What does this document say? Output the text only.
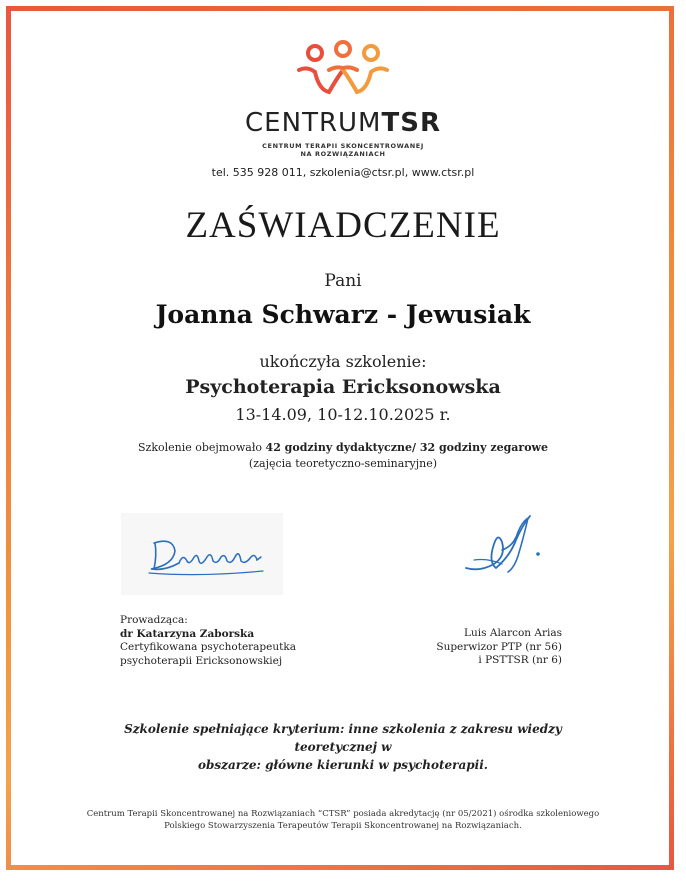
CENTRUMTSR
CENTRUM TERAPII SKONCENTROWANEJ
NA ROZWIĄZANIACH
tel. 535 928 011, szkolenia@ctsr.pl, www.ctsr.pl
ZAŚWIADCZENIE
Pani
Joanna Schwarz - Jewusiak
ukończyła szkolenie:
Psychoterapia Ericksonowska
13-14.09, 10-12.10.2025 r.
Szkolenie obejmowało 42 godziny dydaktyczne/ 32 godziny zegarowe
(zajęcia teoretyczno-seminaryjne)
Prowadząca:
dr Katarzyna Zaborska
Certyfikowana psychoterapeutka
psychoterapii Ericksonowskiej
Luis Alarcon Arias
Superwizor PTP (nr 56)
i PSTTSR (nr 6)
Szkolenie spełniające kryterium: inne szkolenia z zakresu wiedzy teoretycznej w
obszarze: główne kierunki w psychoterapii.
Centrum Terapii Skoncentrowanej na Rozwiązaniach “CTSR” posiada akredytację (nr 05/2021) ośrodka szkoleniowego
Polskiego Stowarzyszenia Terapeutów Terapii Skoncentrowanej na Rozwiązaniach.
